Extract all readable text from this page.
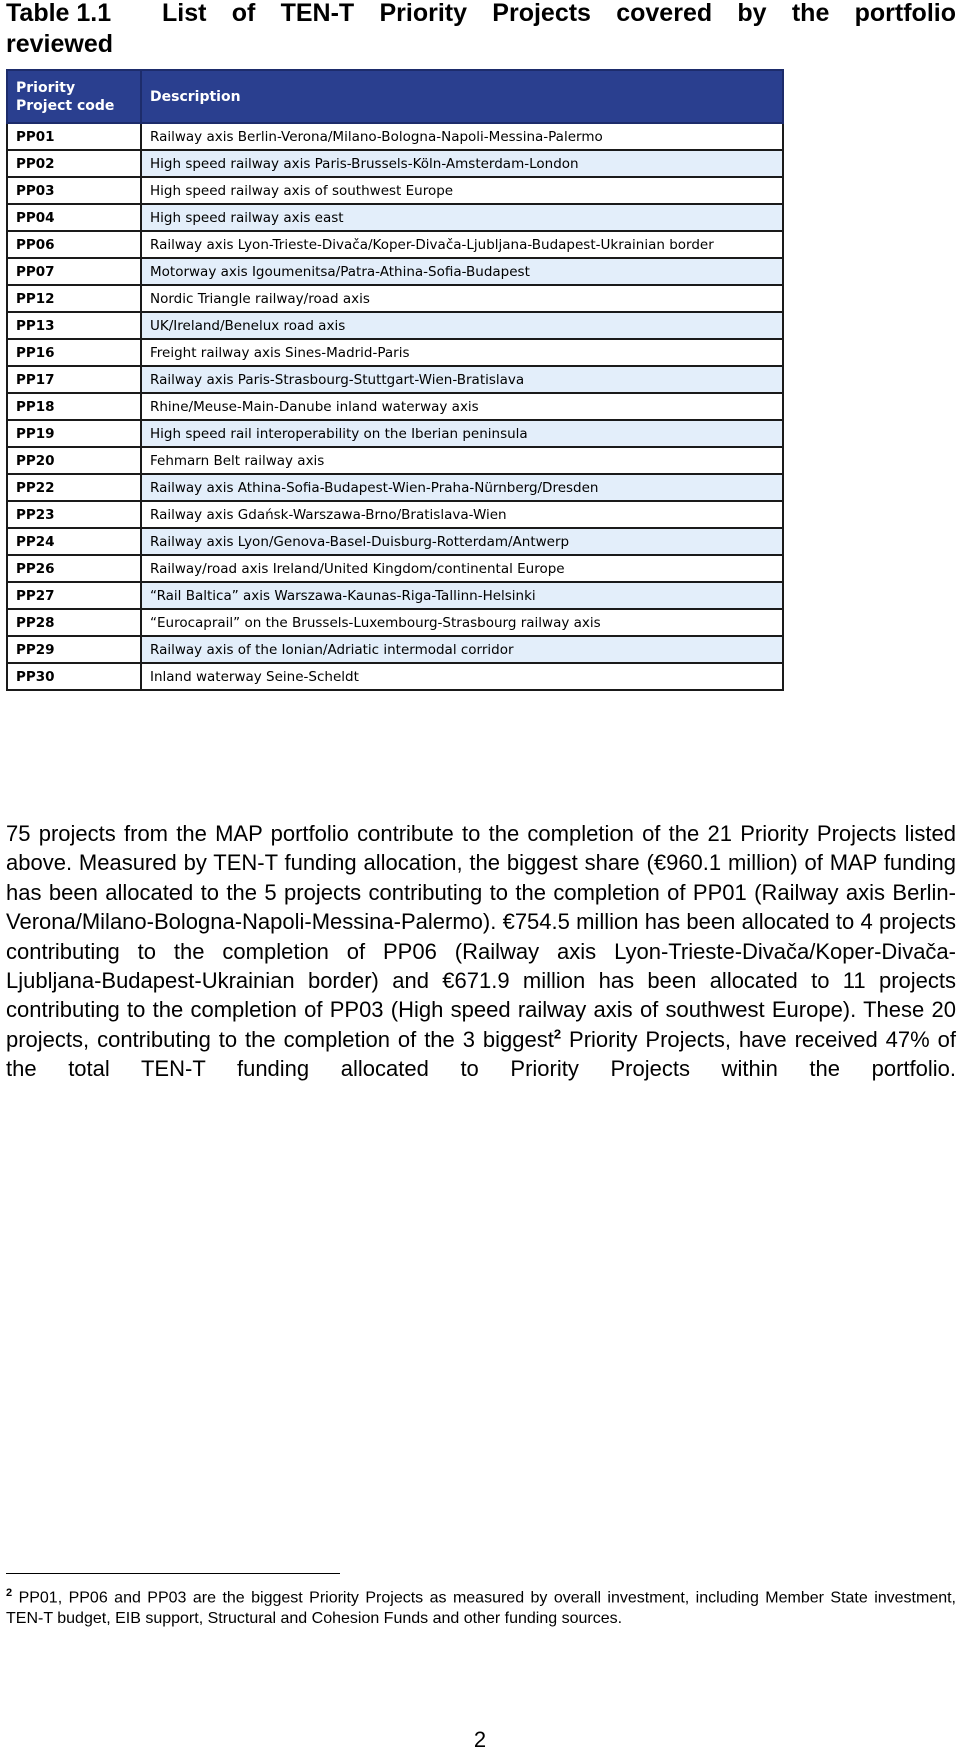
Table 1.1	List of TEN-T Priority Projects covered by the portfolio
reviewed
Priority Project code	Description
PP01	Railway axis Berlin-Verona/Milano-Bologna-Napoli-Messina-Palermo
PP02	High speed railway axis Paris-Brussels-Köln-Amsterdam-London
PP03	High speed railway axis of southwest Europe
PP04	High speed railway axis east
PP06	Railway axis Lyon-Trieste-Divača/Koper-Divača-Ljubljana-Budapest-Ukrainian border
PP07	Motorway axis Igoumenitsa/Patra-Athina-Sofia-Budapest
PP12	Nordic Triangle railway/road axis
PP13	UK/Ireland/Benelux road axis
PP16	Freight railway axis Sines-Madrid-Paris
PP17	Railway axis Paris-Strasbourg-Stuttgart-Wien-Bratislava
PP18	Rhine/Meuse-Main-Danube inland waterway axis
PP19	High speed rail interoperability on the Iberian peninsula
PP20	Fehmarn Belt railway axis
PP22	Railway axis Athina-Sofia-Budapest-Wien-Praha-Nürnberg/Dresden
PP23	Railway axis Gdańsk-Warszawa-Brno/Bratislava-Wien
PP24	Railway axis Lyon/Genova-Basel-Duisburg-Rotterdam/Antwerp
PP26	Railway/road axis Ireland/United Kingdom/continental Europe
PP27	“Rail Baltica” axis Warszawa-Kaunas-Riga-Tallinn-Helsinki
PP28	“Eurocaprail” on the Brussels-Luxembourg-Strasbourg railway axis
PP29	Railway axis of the Ionian/Adriatic intermodal corridor
PP30	Inland waterway Seine-Scheldt
75 projects from the MAP portfolio contribute to the completion of the 21 Priority Projects listed above. Measured by TEN-T funding allocation, the biggest share (€960.1 million) of MAP funding has been allocated to the 5 projects contributing to the completion of PP01 (Railway axis Berlin-Verona/Milano-Bologna-Napoli-Messina-Palermo). €754.5 million has been allocated to 4 projects contributing to the completion of PP06 (Railway axis Lyon-Trieste-Divača/Koper-Divača-Ljubljana-Budapest-Ukrainian border) and €671.9 million has been allocated to 11 projects contributing to the completion of PP03 (High speed railway axis of southwest Europe). These 20 projects, contributing to the completion of the 3 biggest$^2$ Priority Projects, have received 47% of the total TEN-T funding allocated to Priority Projects within the portfolio.
$^2$ PP01, PP06 and PP03 are the biggest Priority Projects as measured by overall investment, including Member State investment, TEN-T budget, EIB support, Structural and Cohesion Funds and other funding sources.
2
